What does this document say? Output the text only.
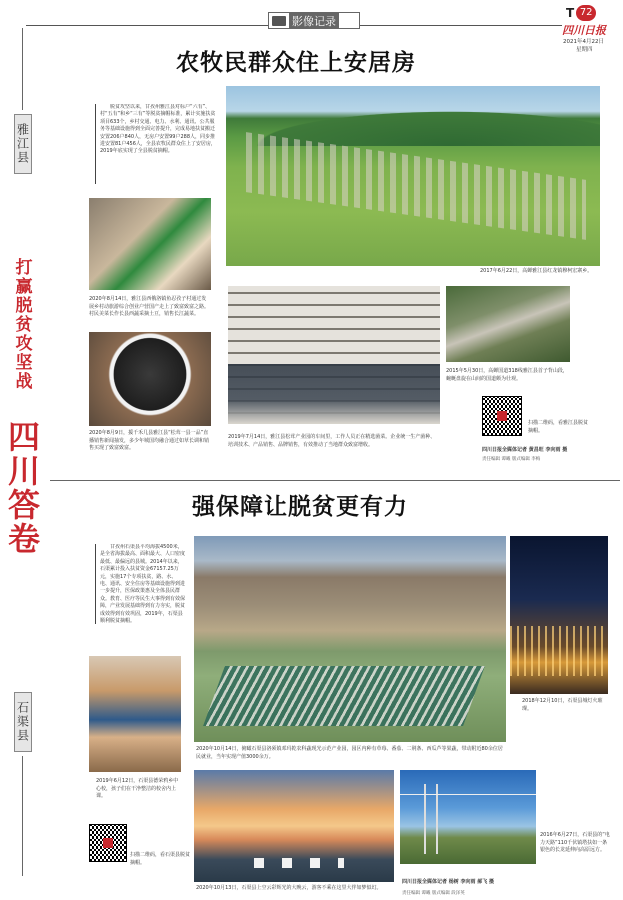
影像记录
T 72
四川日报
2021年4月22日
星期四
雅江县
打赢脱贫攻坚战
四川答卷
石渠县
农牧民群众住上安居房
脱贫攻坚以来，甘孜州雅江县对标户“六有”、村“五有”和乡“三有”等脱贫摘帽标准，累计实施扶贫项目633个，乡村交通、电力、水利、通讯、公共服务等基础设施得到全面完善提升，完成易地扶贫搬迁安置206户840人，无房户安置99户288人，同步推进安置81户456人，全县农牧民群众住上了安居房，2019年底实现了全县脱贫摘帽。
2017年6月22日，高蝉雅江县红龙镇穆柯宏寨乡。
2020年8月14日，雅江县西俄洛镇鱼忍孜子村通过发展乡村动旅游综合创业户营国产走上了致富致富之路。村民美菜长作长县西蔬采摘土豆，销售长江蔬菜。
2020年8月9日，援千禾几县雅江县“松茸一县一品”直播销售新闻抽发，多少年城国均融合通过如草长调和销售买现了致富致富。
2019年7月14日，雅江县松茸产业园的车间里，工作人员正在精选菌菜。企业统一生产菌种、培训技术、产品销售、品牌销售，有效推动了当地群众致富增收。
2015年5月30日，高蝉国道318线雅江县首子背山段，蜿蜒盘旋在山间的国道颇为壮观。
扫描二维码，看雅江县脱贫摘帽。
四川日报全媒体记者 黄昌旺 李向雨 摄
责任编辑 谭曦 版式编辑 李梅
强保障让脱贫更有力
甘孜州石渠县平均海拔4500米，是全省海拔最高、面积最大、人口密度最低、最偏远的县城。2014年以来，石渠累计投入扶贫资金67157.25万元，实施17个专项扶贫，路、水、电、通讯、安全住房等基础设施得到进一步提升，医保政策惠及全体县民群众。教育、医疗等民生大事得到有效保障，产业发展基础得到有力夯实，脱贫成效得到有效巩固，2019年，石渠县顺利脱贫摘帽。
2020年10月14日，俯瞰石渠县洛须镇邓玛乾农科蔬现光示范产业园，园区内种有草莓、番茄、二荆条、西瓜芦等果蔬，带动附近80余位居民就业，当年实现产值3000余万。
2018年12月10日，石渠县城灯火璀璨。
2019年6月12日，石渠县德荣鸦乡中心校，孩子们在干净整洁的校舍内上课。
扫描二维码，看石渠县脱贫摘帽。
2020年10月13日，石渠县上空云彩辉光的大晚云，游客不乘在这里大伴如梦似幻。
2016年6月27日，石渠县的“电力天路”110千伏镇塔扶如一条银色的长龙延伸向高原远方。
四川日报全媒体记者 杨树 李向雨 郝飞 摄
责任编辑 谭曦 版式编辑 段泽英
